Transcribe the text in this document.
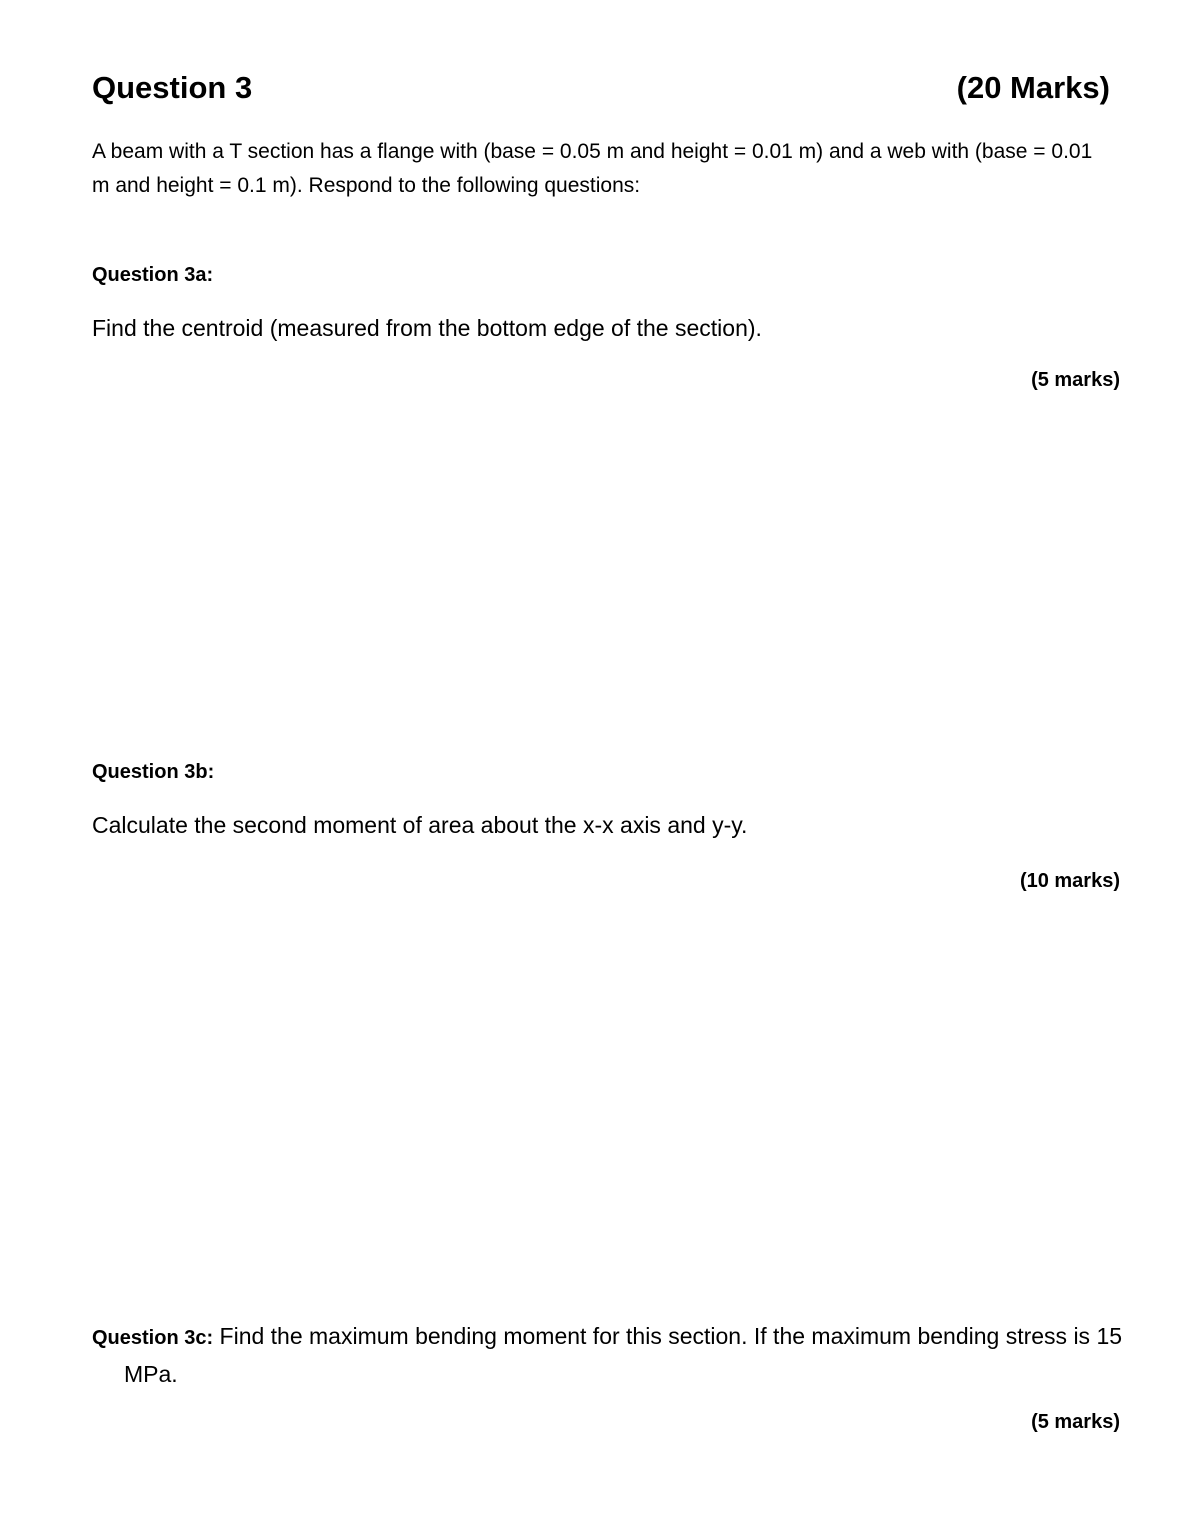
Question 3	(20 Marks)

A beam with a T section has a flange with (base = 0.05 m and height = 0.01 m) and a web with (base = 0.01 m and height = 0.1 m). Respond to the following questions:

Question 3a:
Find the centroid (measured from the bottom edge of the section).
(5 marks)
Question 3b:
Calculate the second moment of area about the x-x axis and y-y.
(10 marks)

Question 3c: Find the maximum bending moment for this section. If the maximum bending stress is 15 MPa.

(5 marks)
